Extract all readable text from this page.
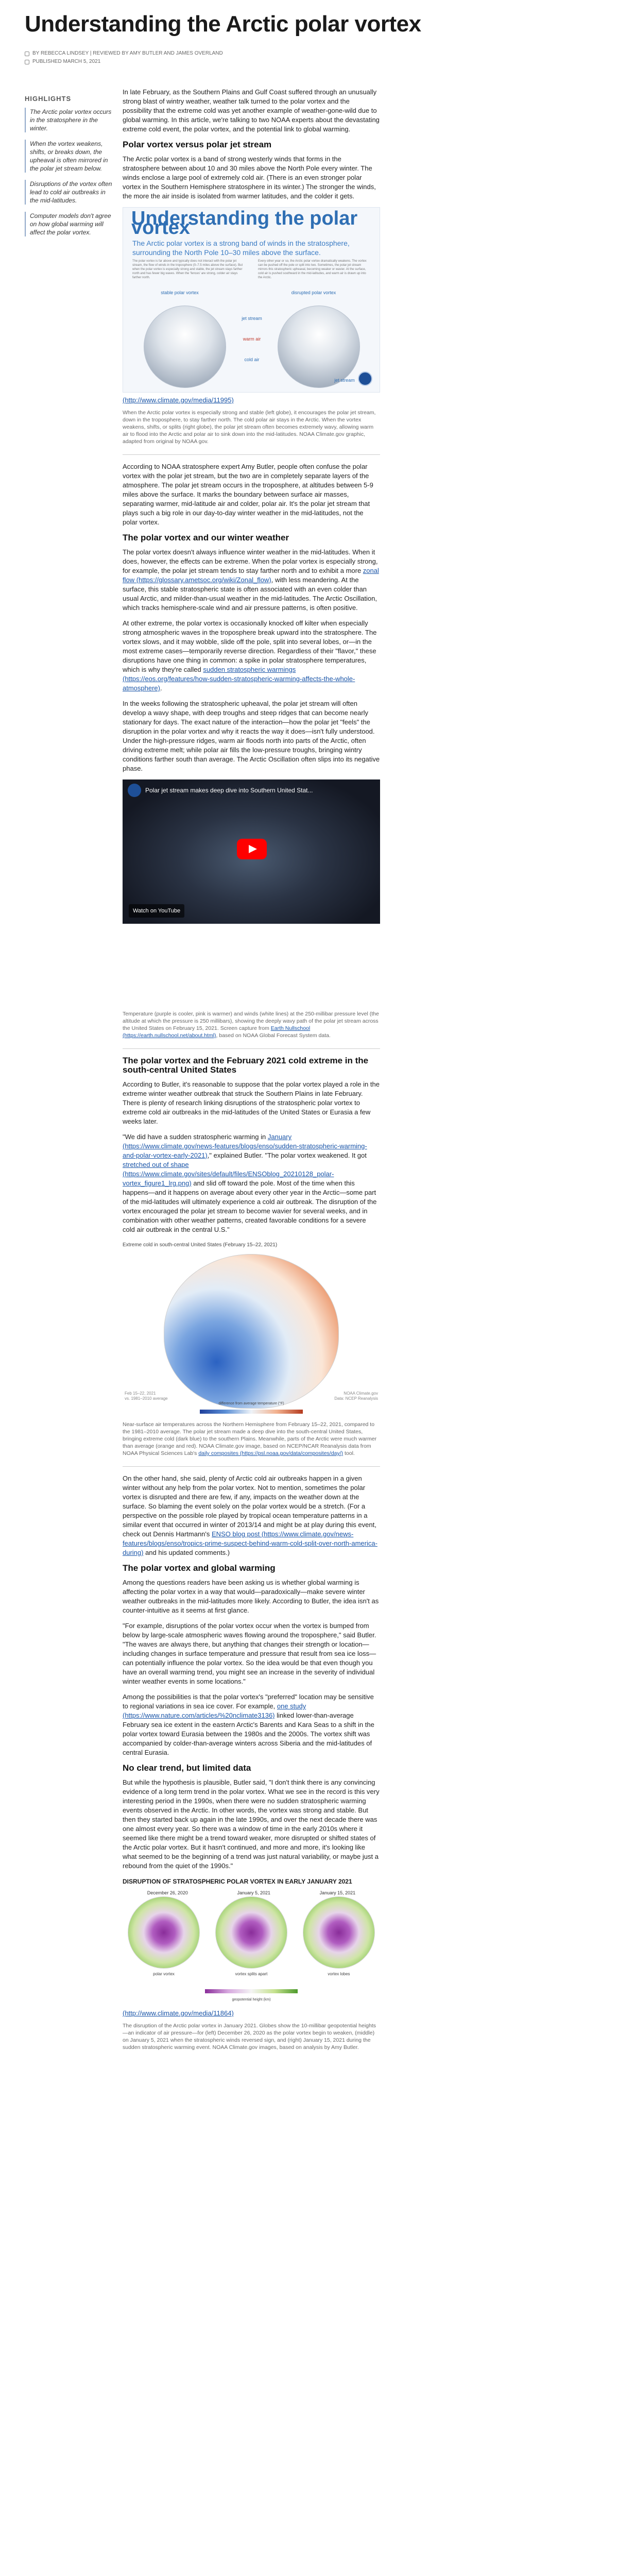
Understanding the Arctic polar vortex
BY REBECCA LINDSEY | REVIEWED BY AMY BUTLER AND JAMES OVERLAND
PUBLISHED MARCH 5, 2021
HIGHLIGHTS
The Arctic polar vortex occurs in the stratosphere in the winter.
When the vortex weakens, shifts, or breaks down, the upheaval is often mirrored in the polar jet stream below.
Disruptions of the vortex often lead to cold air outbreaks in the mid-latitudes.
Computer models don't agree on how global warming will affect the polar vortex.

In late February, as the Southern Plains and Gulf Coast suffered through an unusually strong blast of wintry weather, weather talk turned to the polar vortex and the possibility that the extreme cold was yet another example of weather-gone-wild due to global warming. In this article, we're talking to two NOAA experts about the devastating extreme cold event, the polar vortex, and the potential link to global warming.

Polar vortex versus polar jet stream

The Arctic polar vortex is a band of strong westerly winds that forms in the stratosphere between about 10 and 30 miles above the North Pole every winter. The winds enclose a large pool of extremely cold air. (There is an even stronger polar vortex in the Southern Hemisphere stratosphere in its winter.) The stronger the winds, the more the air inside is isolated from warmer latitudes, and the colder it gets.

Understanding the polar vortex
The Arctic polar vortex is a strong band of winds in the stratosphere, surrounding the North Pole 10–30 miles above the surface.
The polar vortex is far above and typically does not interact with the polar jet stream, the flow of winds in the troposphere (0–7.5 miles above the surface). But when the polar vortex is especially strong and stable, the jet stream stays farther north and has fewer big waves. When the 'fences' are strong, colder air stays farther north.
Every other year or so, the Arctic polar vortex dramatically weakens. The vortex can be pushed off the pole or split into two. Sometimes, the polar jet stream mirrors this stratospheric upheaval, becoming weaker or wavier. At the surface, cold air is pushed southward in the mid-latitudes, and warm air is drawn up into the Arctic.
stable polar vortex	disrupted polar vortex
jet stream
warm air
cold air
jet stream
(http://www.climate.gov/media/11995)
When the Arctic polar vortex is especially strong and stable (left globe), it encourages the polar jet stream, down in the troposphere, to stay farther north. The cold polar air stays in the Arctic. When the vortex weakens, shifts, or splits (right globe), the polar jet stream often becomes extremely wavy, allowing warm air to flood into the Arctic and polar air to sink down into the mid-latitudes. NOAA Climate.gov graphic, adapted from original by NOAA gov.

According to NOAA stratosphere expert Amy Butler, people often confuse the polar vortex with the polar jet stream, but the two are in completely separate layers of the atmosphere. The polar jet stream occurs in the troposphere, at altitudes between 5-9 miles above the surface. It marks the boundary between surface air masses, separating warmer, mid-latitude air and colder, polar air. It's the polar jet stream that plays such a big role in our day-to-day winter weather in the mid-latitudes, not the polar vortex.

The polar vortex and our winter weather

The polar vortex doesn't always influence winter weather in the mid-latitudes. When it does, however, the effects can be extreme. When the polar vortex is especially strong, for example, the polar jet stream tends to stay farther north and to exhibit a more zonal flow (https://glossary.ametsoc.org/wiki/Zonal_flow), with less meandering. At the surface, this stable stratospheric state is often associated with an even colder than usual Arctic, and milder-than-usual weather in the mid-latitudes. The Arctic Oscillation, which tracks hemisphere-scale wind and air pressure patterns, is often positive.

At other extreme, the polar vortex is occasionally knocked off kilter when especially strong atmospheric waves in the troposphere break upward into the stratosphere. The vortex slows, and it may wobble, slide off the pole, split into several lobes, or—in the most extreme cases—temporarily reverse direction. Regardless of their "flavor," these disruptions have one thing in common: a spike in polar stratosphere temperatures, which is why they're called sudden stratospheric warmings (https://eos.org/features/how-sudden-stratospheric-warming-affects-the-whole-atmosphere).

In the weeks following the stratospheric upheaval, the polar jet stream will often develop a wavy shape, with deep troughs and steep ridges that can become nearly stationary for days. The exact nature of the interaction—how the polar jet "feels" the disruption in the polar vortex and why it reacts the way it does—isn't fully understood. Under the high-pressure ridges, warm air floods north into parts of the Arctic, often driving extreme melt; while polar air fills the low-pressure troughs, bringing wintry conditions farther south than average. The Arctic Oscillation often slips into its negative phase.

Polar jet stream makes deep dive into Southern United Stat...
Watch on YouTube
Temperature (purple is cooler, pink is warmer) and winds (white lines) at the 250-millibar pressure level (the altitude at which the pressure is 250 millibars), showing the deeply wavy path of the polar jet stream across the United States on February 15, 2021. Screen capture from Earth Nullschool (https://earth.nullschool.net/about.html), based on NOAA Global Forecast System data.
The polar vortex and the February 2021 cold extreme in the south-central United States

According to Butler, it's reasonable to suppose that the polar vortex played a role in the extreme winter weather outbreak that struck the Southern Plains in late February. There is plenty of research linking disruptions of the stratospheric polar vortex to extreme cold air outbreaks in the mid-latitudes of the United States or Eurasia a few weeks later.

"We did have a sudden stratospheric warming in January (https://www.climate.gov/news-features/blogs/enso/sudden-stratospheric-warming-and-polar-vortex-early-2021)," explained Butler. "The polar vortex weakened. It got stretched out of shape (https://www.climate.gov/sites/default/files/ENSOblog_20210128_polar-vortex_figure1_lrg.png) and slid off toward the pole. Most of the time when this happens—and it happens on average about every other year in the Arctic—some part of the mid-latitudes will ultimately experience a cold air outbreak. The disruption of the vortex encouraged the polar jet stream to become wavier for several weeks, and in combination with other weather patterns, created favorable conditions for a severe cold air outbreak in the central U.S."

Extreme cold in south-central United States (February 15–22, 2021)
Feb 15–22, 2021
vs. 1981–2010 average
NOAA Climate.gov
Data: NCEP Reanalysis
difference from average temperature (°F)
Near-surface air temperatures across the Northern Hemisphere from February 15–22, 2021, compared to the 1981–2010 average. The polar jet stream made a deep dive into the south-central United States, bringing extreme cold (dark blue) to the southern Plains. Meanwhile, parts of the Arctic were much warmer than average (orange and red). NOAA Climate.gov image, based on NCEP/NCAR Reanalysis data from NOAA Physical Sciences Lab's daily composites (https://psl.noaa.gov/data/composites/day/) tool.

On the other hand, she said, plenty of Arctic cold air outbreaks happen in a given winter without any help from the polar vortex. Not to mention, sometimes the polar vortex is disrupted and there are few, if any, impacts on the weather down at the surface. So blaming the event solely on the polar vortex would be a stretch. (For a perspective on the possible role played by tropical ocean temperature patterns in a similar event that occurred in winter of 2013/14 and might be at play during this event, check out Dennis Hartmann's ENSO blog post (https://www.climate.gov/news-features/blogs/enso/tropics-prime-suspect-behind-warm-cold-split-over-north-america-during) and his updated comments.)

The polar vortex and global warming

Among the questions readers have been asking us is whether global warming is affecting the polar vortex in a way that would—paradoxically—make severe winter weather outbreaks in the mid-latitudes more likely. According to Butler, the idea isn't as counter-intuitive as it seems at first glance.

"For example, disruptions of the polar vortex occur when the vortex is bumped from below by large-scale atmospheric waves flowing around the troposphere," said Butler. "The waves are always there, but anything that changes their strength or location—including changes in surface temperature and pressure that result from sea ice loss—can potentially influence the polar vortex. So the idea would be that even though you have an overall warming trend, you might see an increase in the severity of individual winter weather events in some locations."

Among the possibilities is that the polar vortex's "preferred" location may be sensitive to regional variations in sea ice cover. For example, one study (https://www.nature.com/articles/%20nclimate3136) linked lower-than-average February sea ice extent in the eastern Arctic's Barents and Kara Seas to a shift in the polar vortex toward Eurasia between the 1980s and the 2000s. The vortex shift was accompanied by colder-than-average winters across Siberia and the mid-latitudes of central Eurasia.

No clear trend, but limited data

But while the hypothesis is plausible, Butler said, "I don't think there is any convincing evidence of a long term trend in the polar vortex. What we see in the record is this very interesting period in the 1990s, when there were no sudden stratospheric warming events observed in the Arctic. In other words, the vortex was strong and stable. But then they started back up again in the late 1990s, and over the next decade there was one almost every year. So there was a window of time in the early 2010s where it seemed like there might be a trend toward weaker, more disrupted or shifted states of the Arctic polar vortex. But it hasn't continued, and more and more, it's looking like what seemed to be the beginning of a trend was just natural variability, or maybe just a rebound from the quiet of the 1990s."

DISRUPTION OF STRATOSPHERIC POLAR VORTEX IN EARLY JANUARY 2021
December 26, 2020	January 5, 2021	January 15, 2021
polar vortex	vortex splits apart	vortex lobes
geopotential height (km)
(http://www.climate.gov/media/11864)
The disruption of the Arctic polar vortex in January 2021. Globes show the 10-millibar geopotential heights—an indicator of air pressure—for (left) December 26, 2020 as the polar vortex begin to weaken, (middle) on January 5, 2021 when the stratospheric winds reversed sign, and (right) January 15, 2021 during the sudden stratospheric warming event. NOAA Climate.gov images, based on analysis by Amy Butler.
